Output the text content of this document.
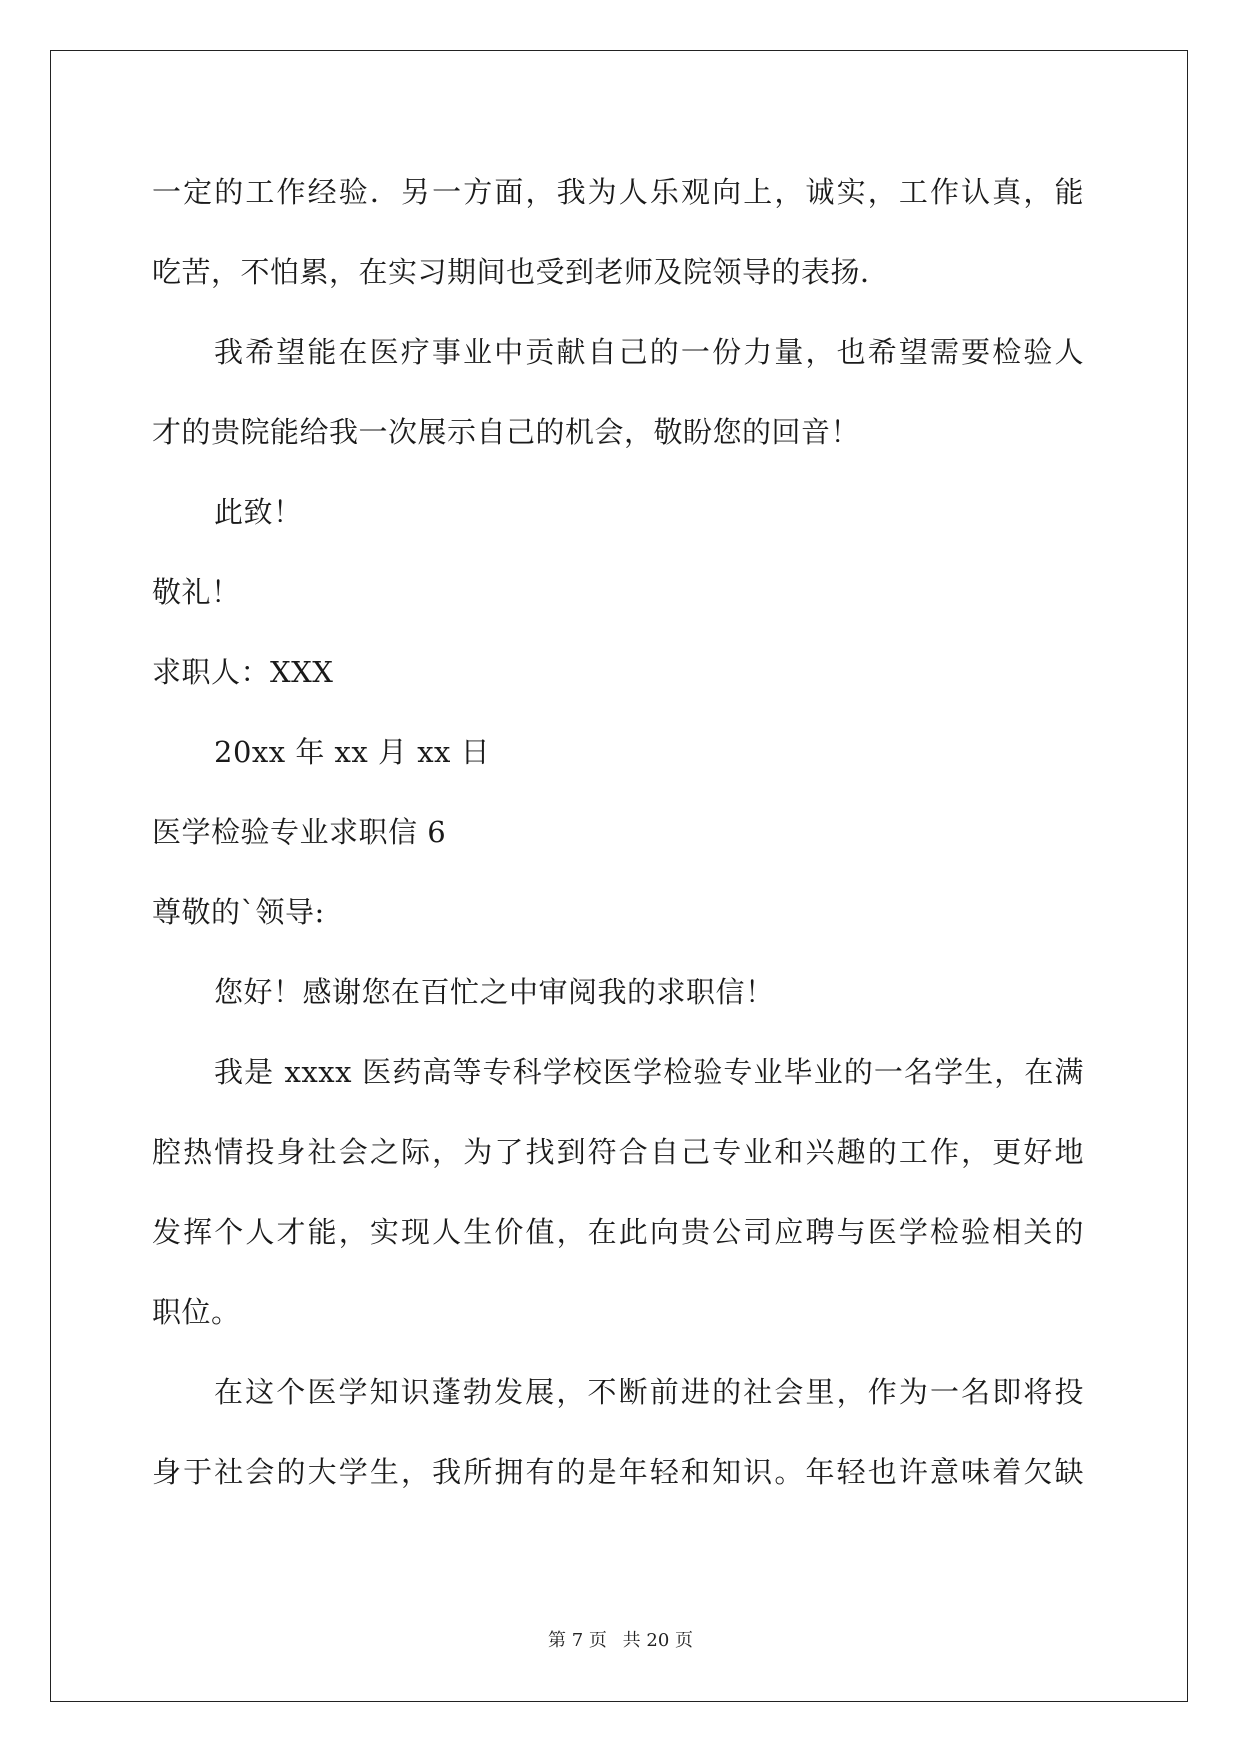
一定的工作经验．另一方面，我为人乐观向上，诚实，工作认真，能
吃苦，不怕累，在实习期间也受到老师及院领导的表扬．
我希望能在医疗事业中贡献自己的一份力量，也希望需要检验人
才的贵院能给我一次展示自己的机会，敬盼您的回音！
此致！
敬礼！
求职人：XXX
20xx 年 xx 月 xx 日
医学检验专业求职信 6
尊敬的`领导:
您好！感谢您在百忙之中审阅我的求职信！
我是 xxxx 医药高等专科学校医学检验专业毕业的一名学生，在满
腔热情投身社会之际，为了找到符合自己专业和兴趣的工作，更好地
发挥个人才能，实现人生价值，在此向贵公司应聘与医学检验相关的
职位。
在这个医学知识蓬勃发展，不断前进的社会里，作为一名即将投
身于社会的大学生，我所拥有的是年轻和知识。年轻也许意味着欠缺
第 7 页 共 20 页
